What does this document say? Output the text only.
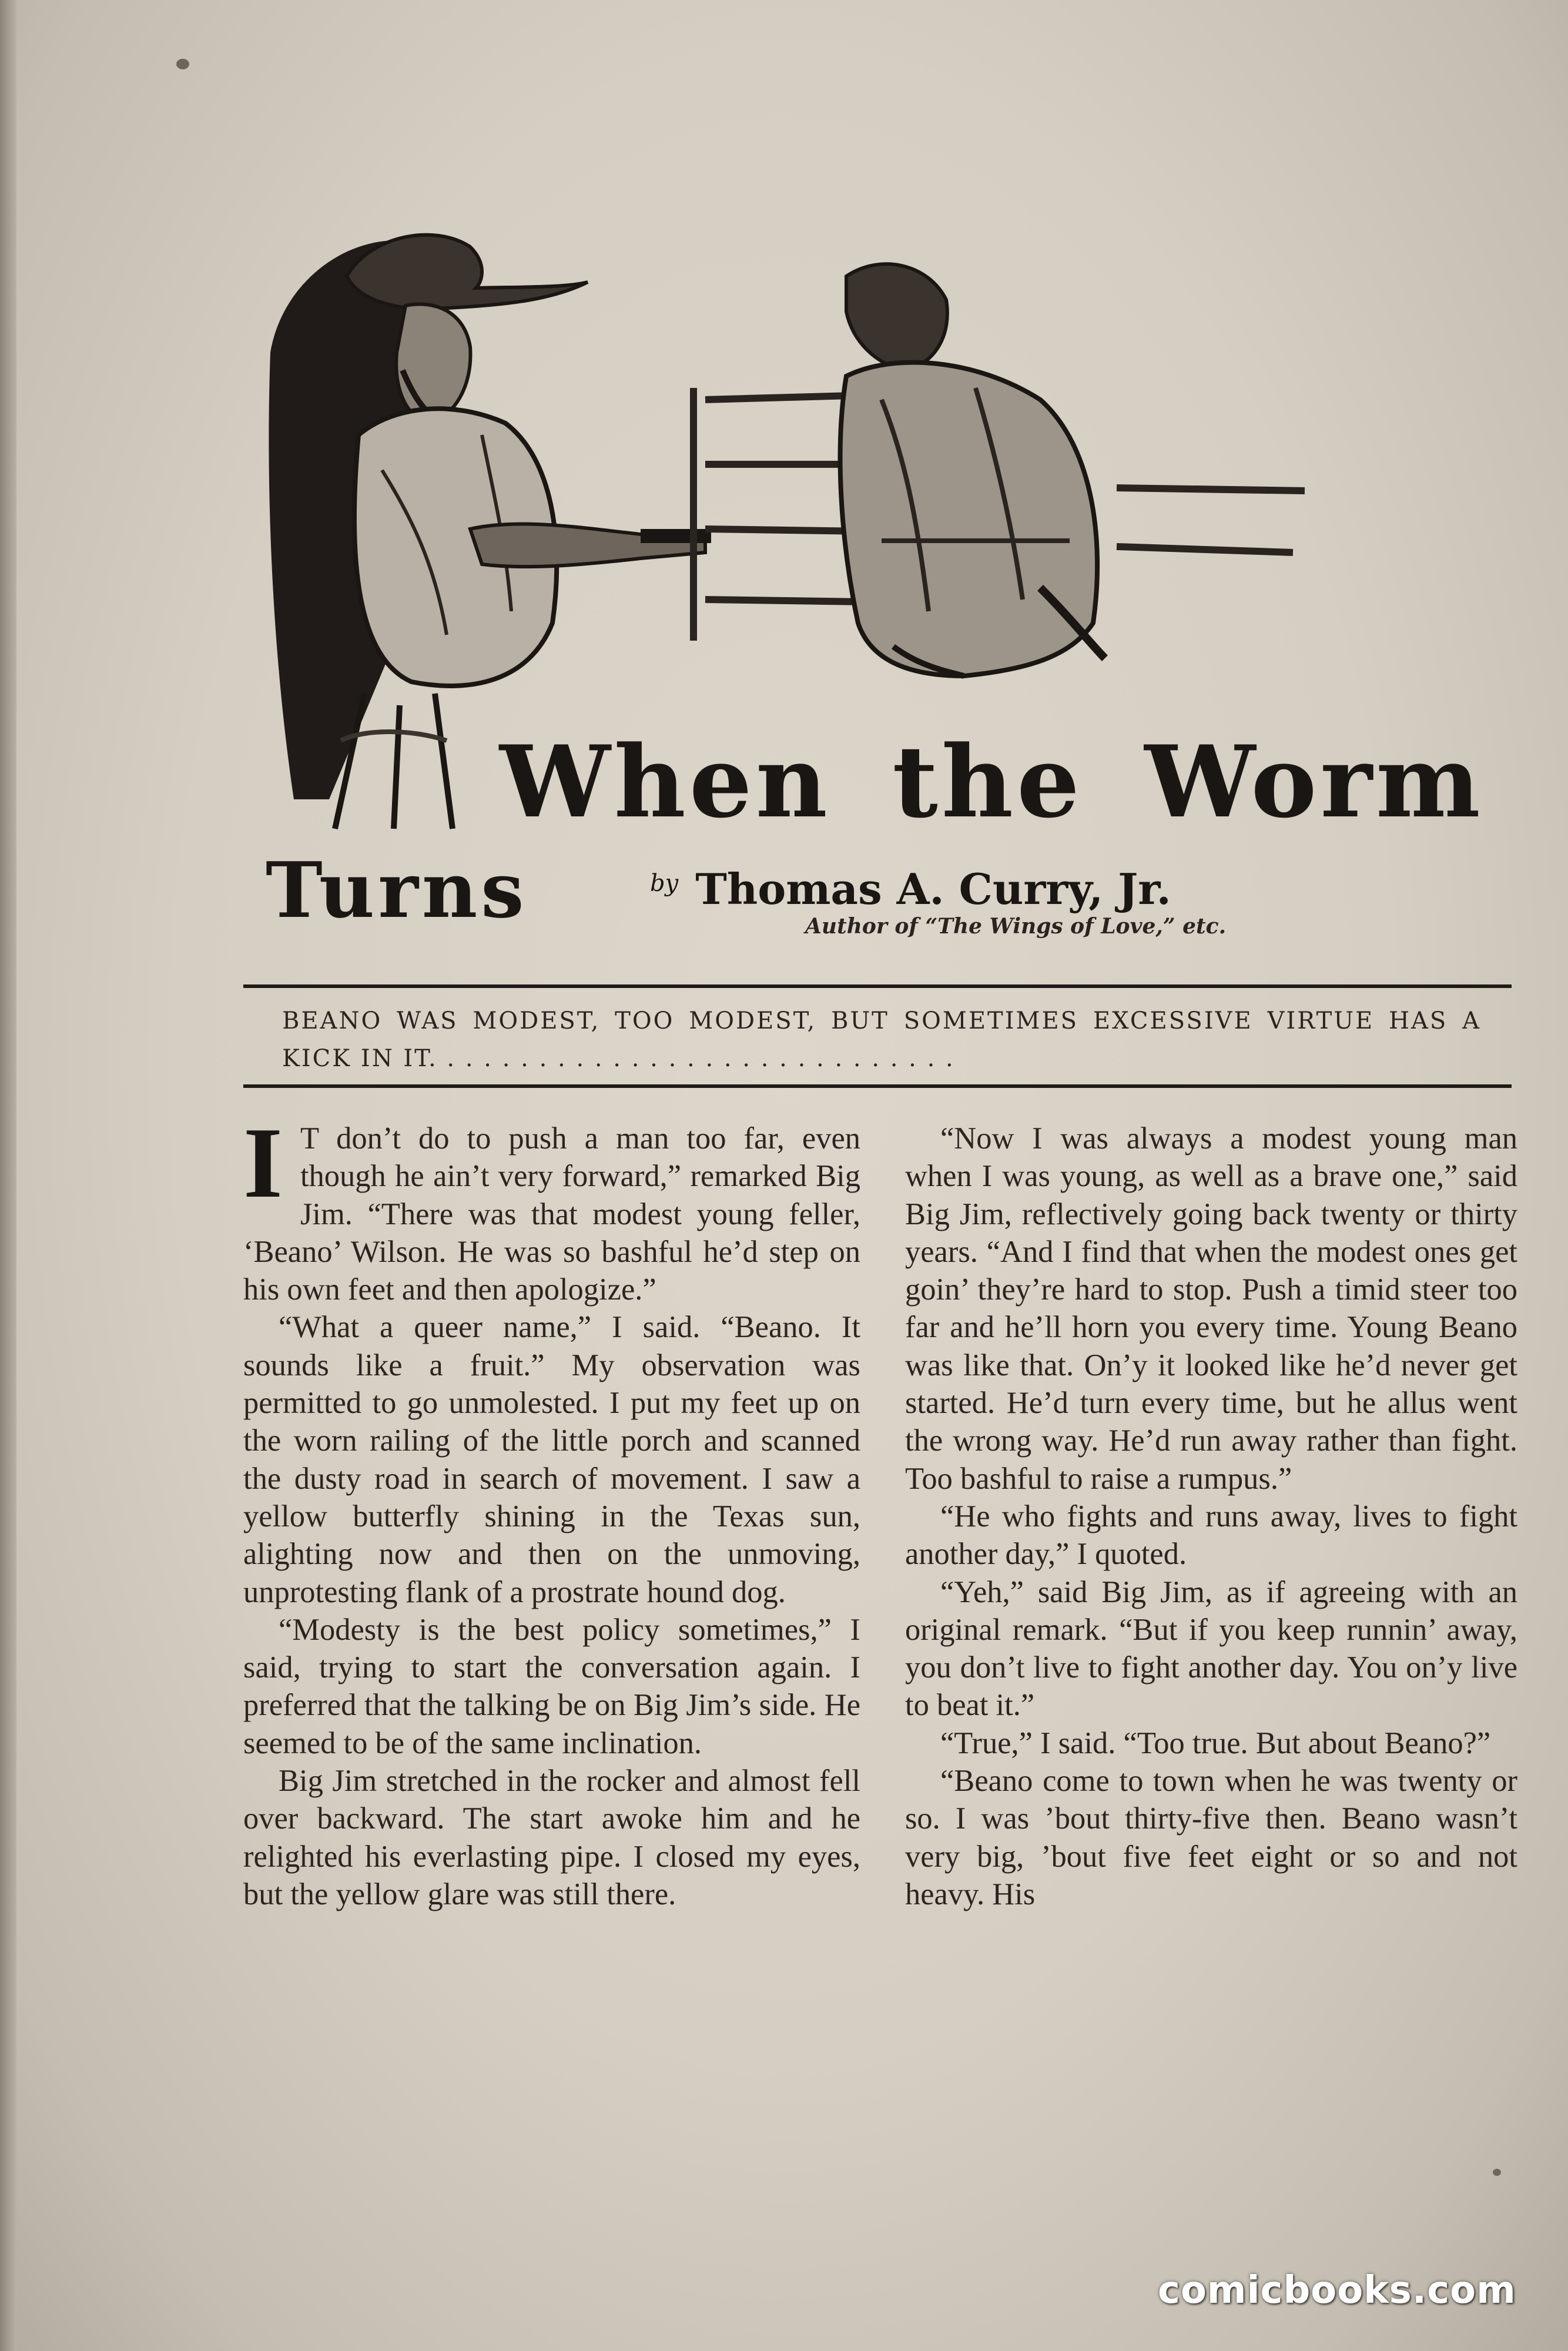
When the Worm
Turns	$^{by}$ Thomas A. Curry, Jr.
Author of “The Wings of Love,” etc.
BEANO WAS MODEST, TOO MODEST, BUT SOMETIMES EXCESSIVE VIRTUE HAS A KICK IN IT. . . . . . . . . . . . . . . . . . . . . . . . . . . . .

I T don’t do to push a man too far, even though he ain’t very forward,” remarked Big Jim. “There was that modest young feller, ‘Beano’ Wilson. He was so bashful he’d step on his own feet and then apologize.”

“What a queer name,” I said. “Beano. It sounds like a fruit.” My observation was permitted to go unmolested. I put my feet up on the worn railing of the little porch and scanned the dusty road in search of movement. I saw a yellow butterfly shining in the Texas sun, alighting now and then on the unmoving, unprotesting flank of a prostrate hound dog.

“Modesty is the best policy sometimes,” I said, trying to start the conversation again. I preferred that the talking be on Big Jim’s side. He seemed to be of the same inclination.

Big Jim stretched in the rocker and almost fell over backward. The start awoke him and he relighted his everlasting pipe. I closed my eyes, but the yellow glare was still there.

“Now I was always a modest young man when I was young, as well as a brave one,” said Big Jim, reflectively going back twenty or thirty years. “And I find that when the modest ones get goin’ they’re hard to stop. Push a timid steer too far and he’ll horn you every time. Young Beano was like that. On’y it looked like he’d never get started. He’d turn every time, but he allus went the wrong way. He’d run away rather than fight. Too bashful to raise a rumpus.”

“He who fights and runs away, lives to fight another day,” I quoted.

“Yeh,” said Big Jim, as if agreeing with an original remark. “But if you keep runnin’ away, you don’t live to fight another day. You on’y live to beat it.”

“True,” I said. “Too true. But about Beano?”

“Beano come to town when he was twenty or so. I was ’bout thirty-five then. Beano wasn’t very big, ’bout five feet eight or so and not heavy. His

comicbooks.com
